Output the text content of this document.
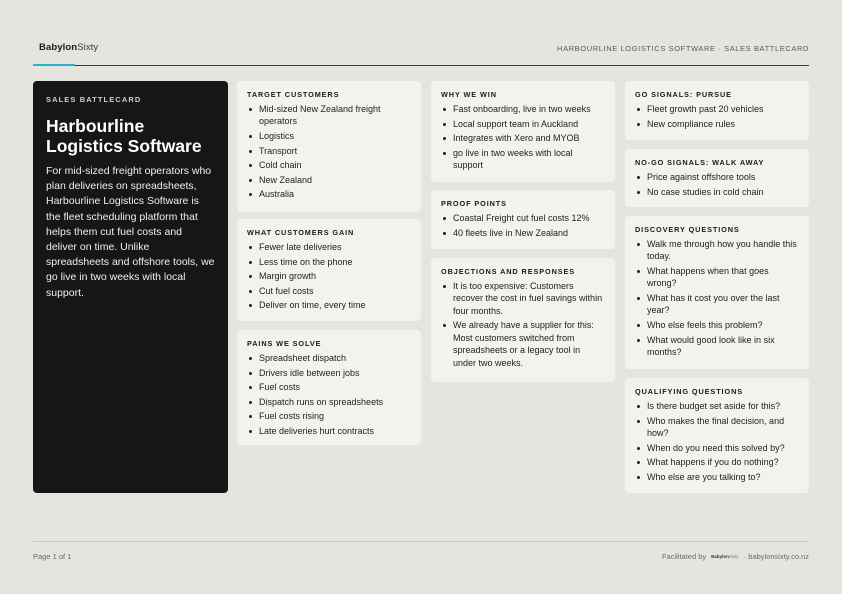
BabylonSixty	HARBOURLINE LOGISTICS SOFTWARE · SALES BATTLECARD
SALES BATTLECARD
Harbourline Logistics Software
For mid-sized freight operators who plan deliveries on spreadsheets, Harbourline Logistics Software is the fleet scheduling platform that helps them cut fuel costs and deliver on time. Unlike spreadsheets and offshore tools, we go live in two weeks with local support.
TARGET CUSTOMERS
Mid-sized New Zealand freight operators
Logistics
Transport
Cold chain
New Zealand
Australia
WHAT CUSTOMERS GAIN
Fewer late deliveries
Less time on the phone
Margin growth
Cut fuel costs
Deliver on time, every time
PAINS WE SOLVE
Spreadsheet dispatch
Drivers idle between jobs
Fuel costs
Dispatch runs on spreadsheets
Fuel costs rising
Late deliveries hurt contracts
WHY WE WIN
Fast onboarding, live in two weeks
Local support team in Auckland
Integrates with Xero and MYOB
go live in two weeks with local support
PROOF POINTS
Coastal Freight cut fuel costs 12%
40 fleets live in New Zealand
OBJECTIONS AND RESPONSES
It is too expensive: Customers recover the cost in fuel savings within four months.
We already have a supplier for this: Most customers switched from spreadsheets or a legacy tool in under two weeks.
GO SIGNALS: PURSUE
Fleet growth past 20 vehicles
New compliance rules
NO-GO SIGNALS: WALK AWAY
Price against offshore tools
No case studies in cold chain
DISCOVERY QUESTIONS
Walk me through how you handle this today.
What happens when that goes wrong?
What has it cost you over the last year?
Who else feels this problem?
What would good look like in six months?
QUALIFYING QUESTIONS
Is there budget set aside for this?
Who makes the final decision, and how?
When do you need this solved by?
What happens if you do nothing?
Who else are you talking to?
Page 1 of 1	Facilitated by BabylonSixty · babylonsixty.co.nz
